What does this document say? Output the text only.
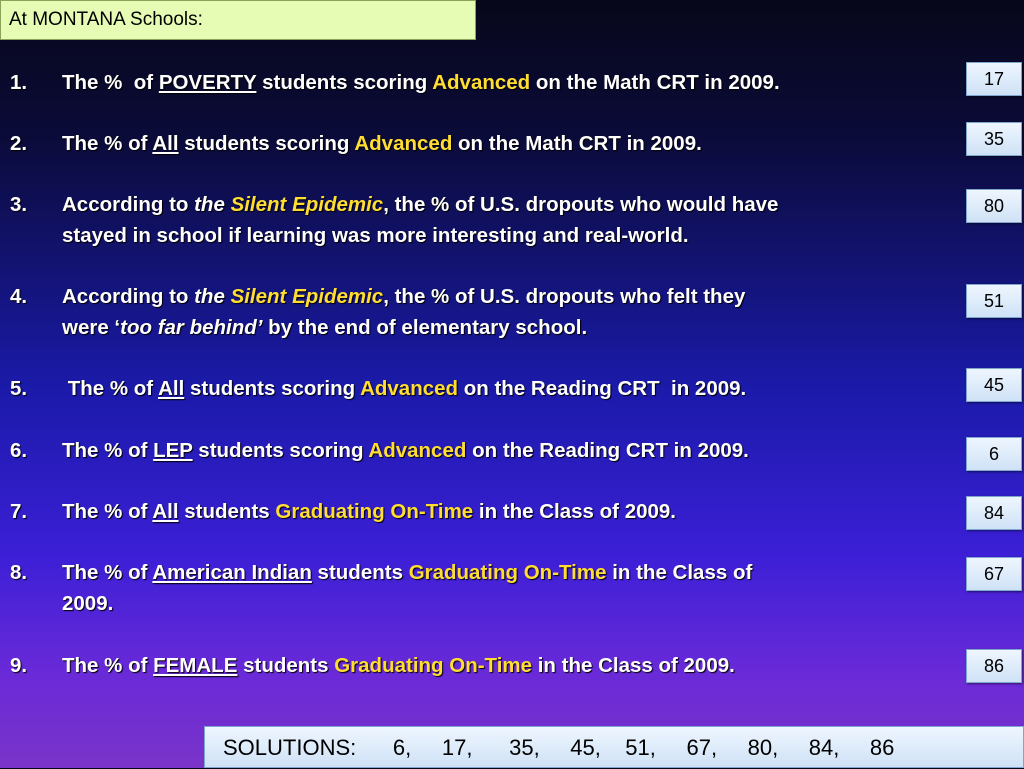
At MONTANA Schools:
1. The %  of POVERTY students scoring Advanced on the Math CRT in 2009.
2. The % of All students scoring Advanced on the Math CRT in 2009.
3. According to the Silent Epidemic, the % of U.S. dropouts who would have
stayed in school if learning was more interesting and real-world.
4. According to the Silent Epidemic, the % of U.S. dropouts who felt they
were ‘too far behind’ by the end of elementary school.
5. The % of All students scoring Advanced on the Reading CRT  in 2009.
6. The % of LEP students scoring Advanced on the Reading CRT in 2009.
7. The % of All students Graduating On-Time in the Class of 2009.
8. The % of American Indian students Graduating On-Time in the Class of
2009.
9. The % of FEMALE students Graduating On-Time in the Class of 2009.
17
35
80
51
45
6
84
67
86
SOLUTIONS:      6,     17,      35,     45,    51,     67,     80,     84,     86
